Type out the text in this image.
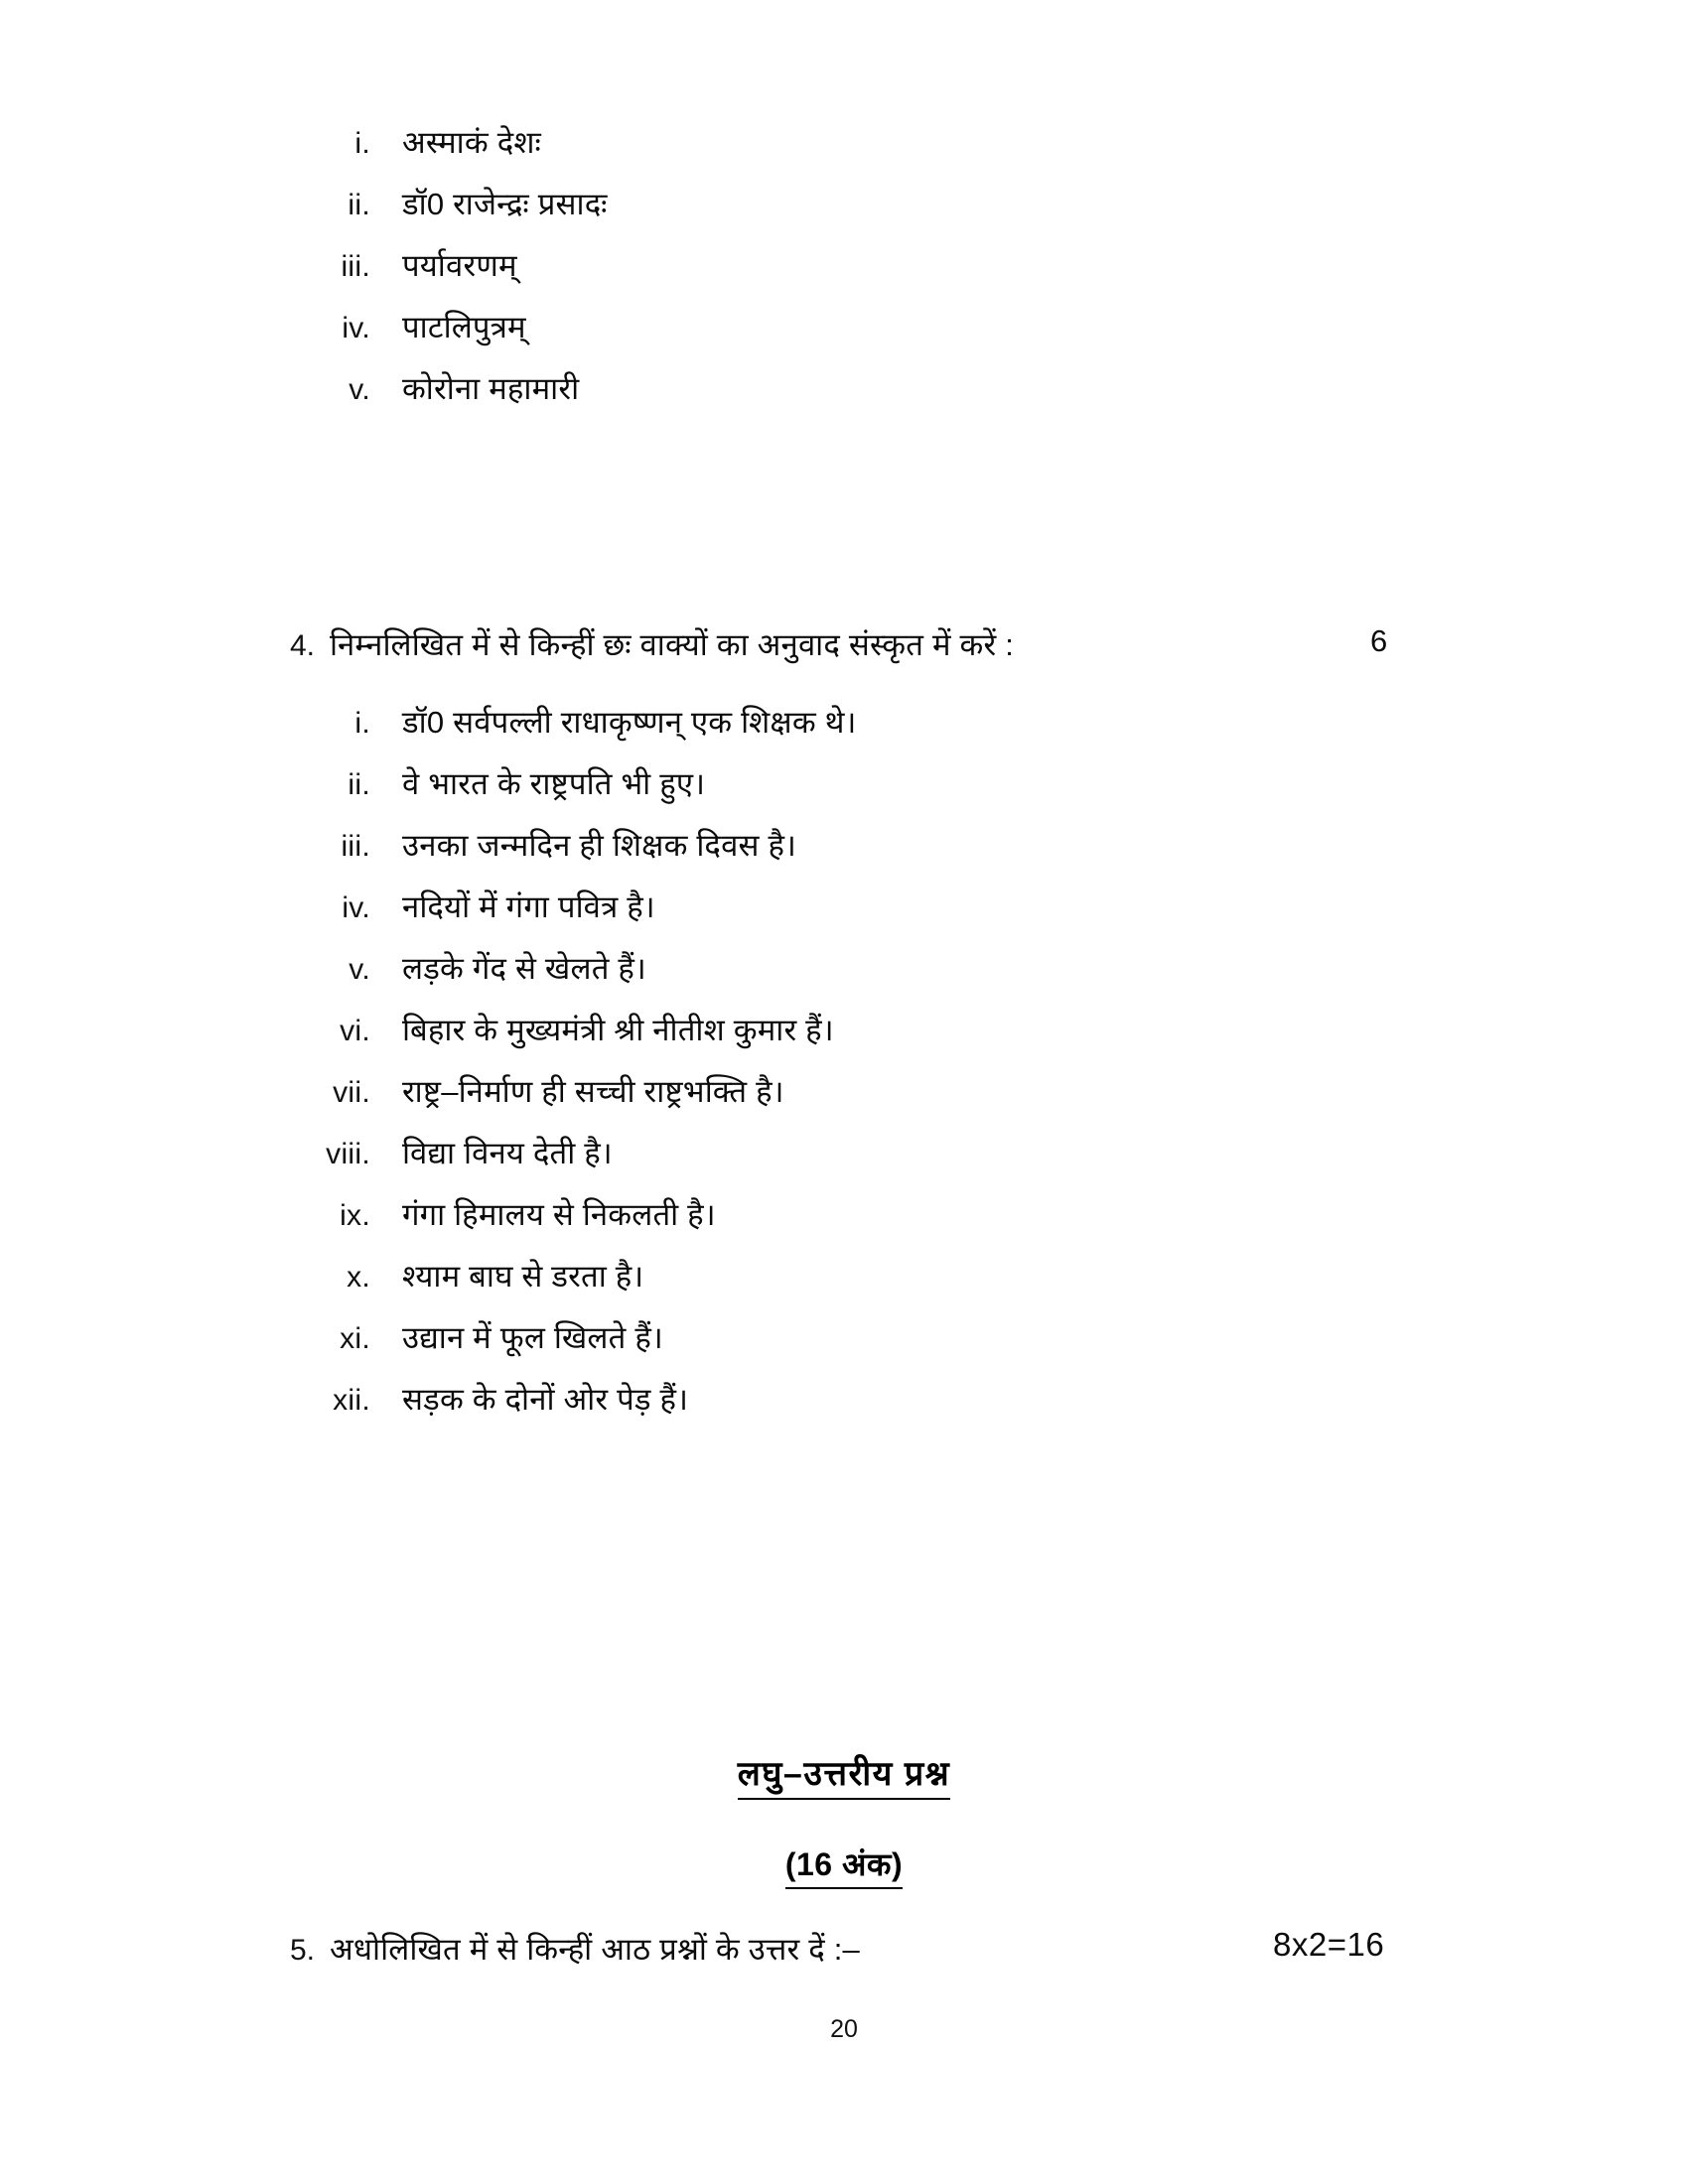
i.	अस्माकं देशः
ii.	डॉ0 राजेन्द्रः प्रसादः
iii.	पर्यावरणम्
iv.	पाटलिपुत्रम्
v.	कोरोना महामारी
4. निम्नलिखित में से किन्हीं छः वाक्यों का अनुवाद संस्कृत में करें :	6
i.	डॉ0 सर्वपल्ली राधाकृष्णन् एक शिक्षक थे।
ii.	वे भारत के राष्ट्रपति भी हुए।
iii.	उनका जन्मदिन ही शिक्षक दिवस है।
iv.	नदियों में गंगा पवित्र है।
v.	लड़के गेंद से खेलते हैं।
vi.	बिहार के मुख्यमंत्री श्री नीतीश कुमार हैं।
vii.	राष्ट्र–निर्माण ही सच्ची राष्ट्रभक्ति है।
viii.	विद्या विनय देती है।
ix.	गंगा हिमालय से निकलती है।
x.	श्याम बाघ से डरता है।
xi.	उद्यान में फूल खिलते हैं।
xii.	सड़क के दोनों ओर पेड़ हैं।
लघु–उत्तरीय प्रश्न
(16 अंक)
5. अधोलिखित में से किन्हीं आठ प्रश्नों के उत्तर दें :–	8x2=16
20
